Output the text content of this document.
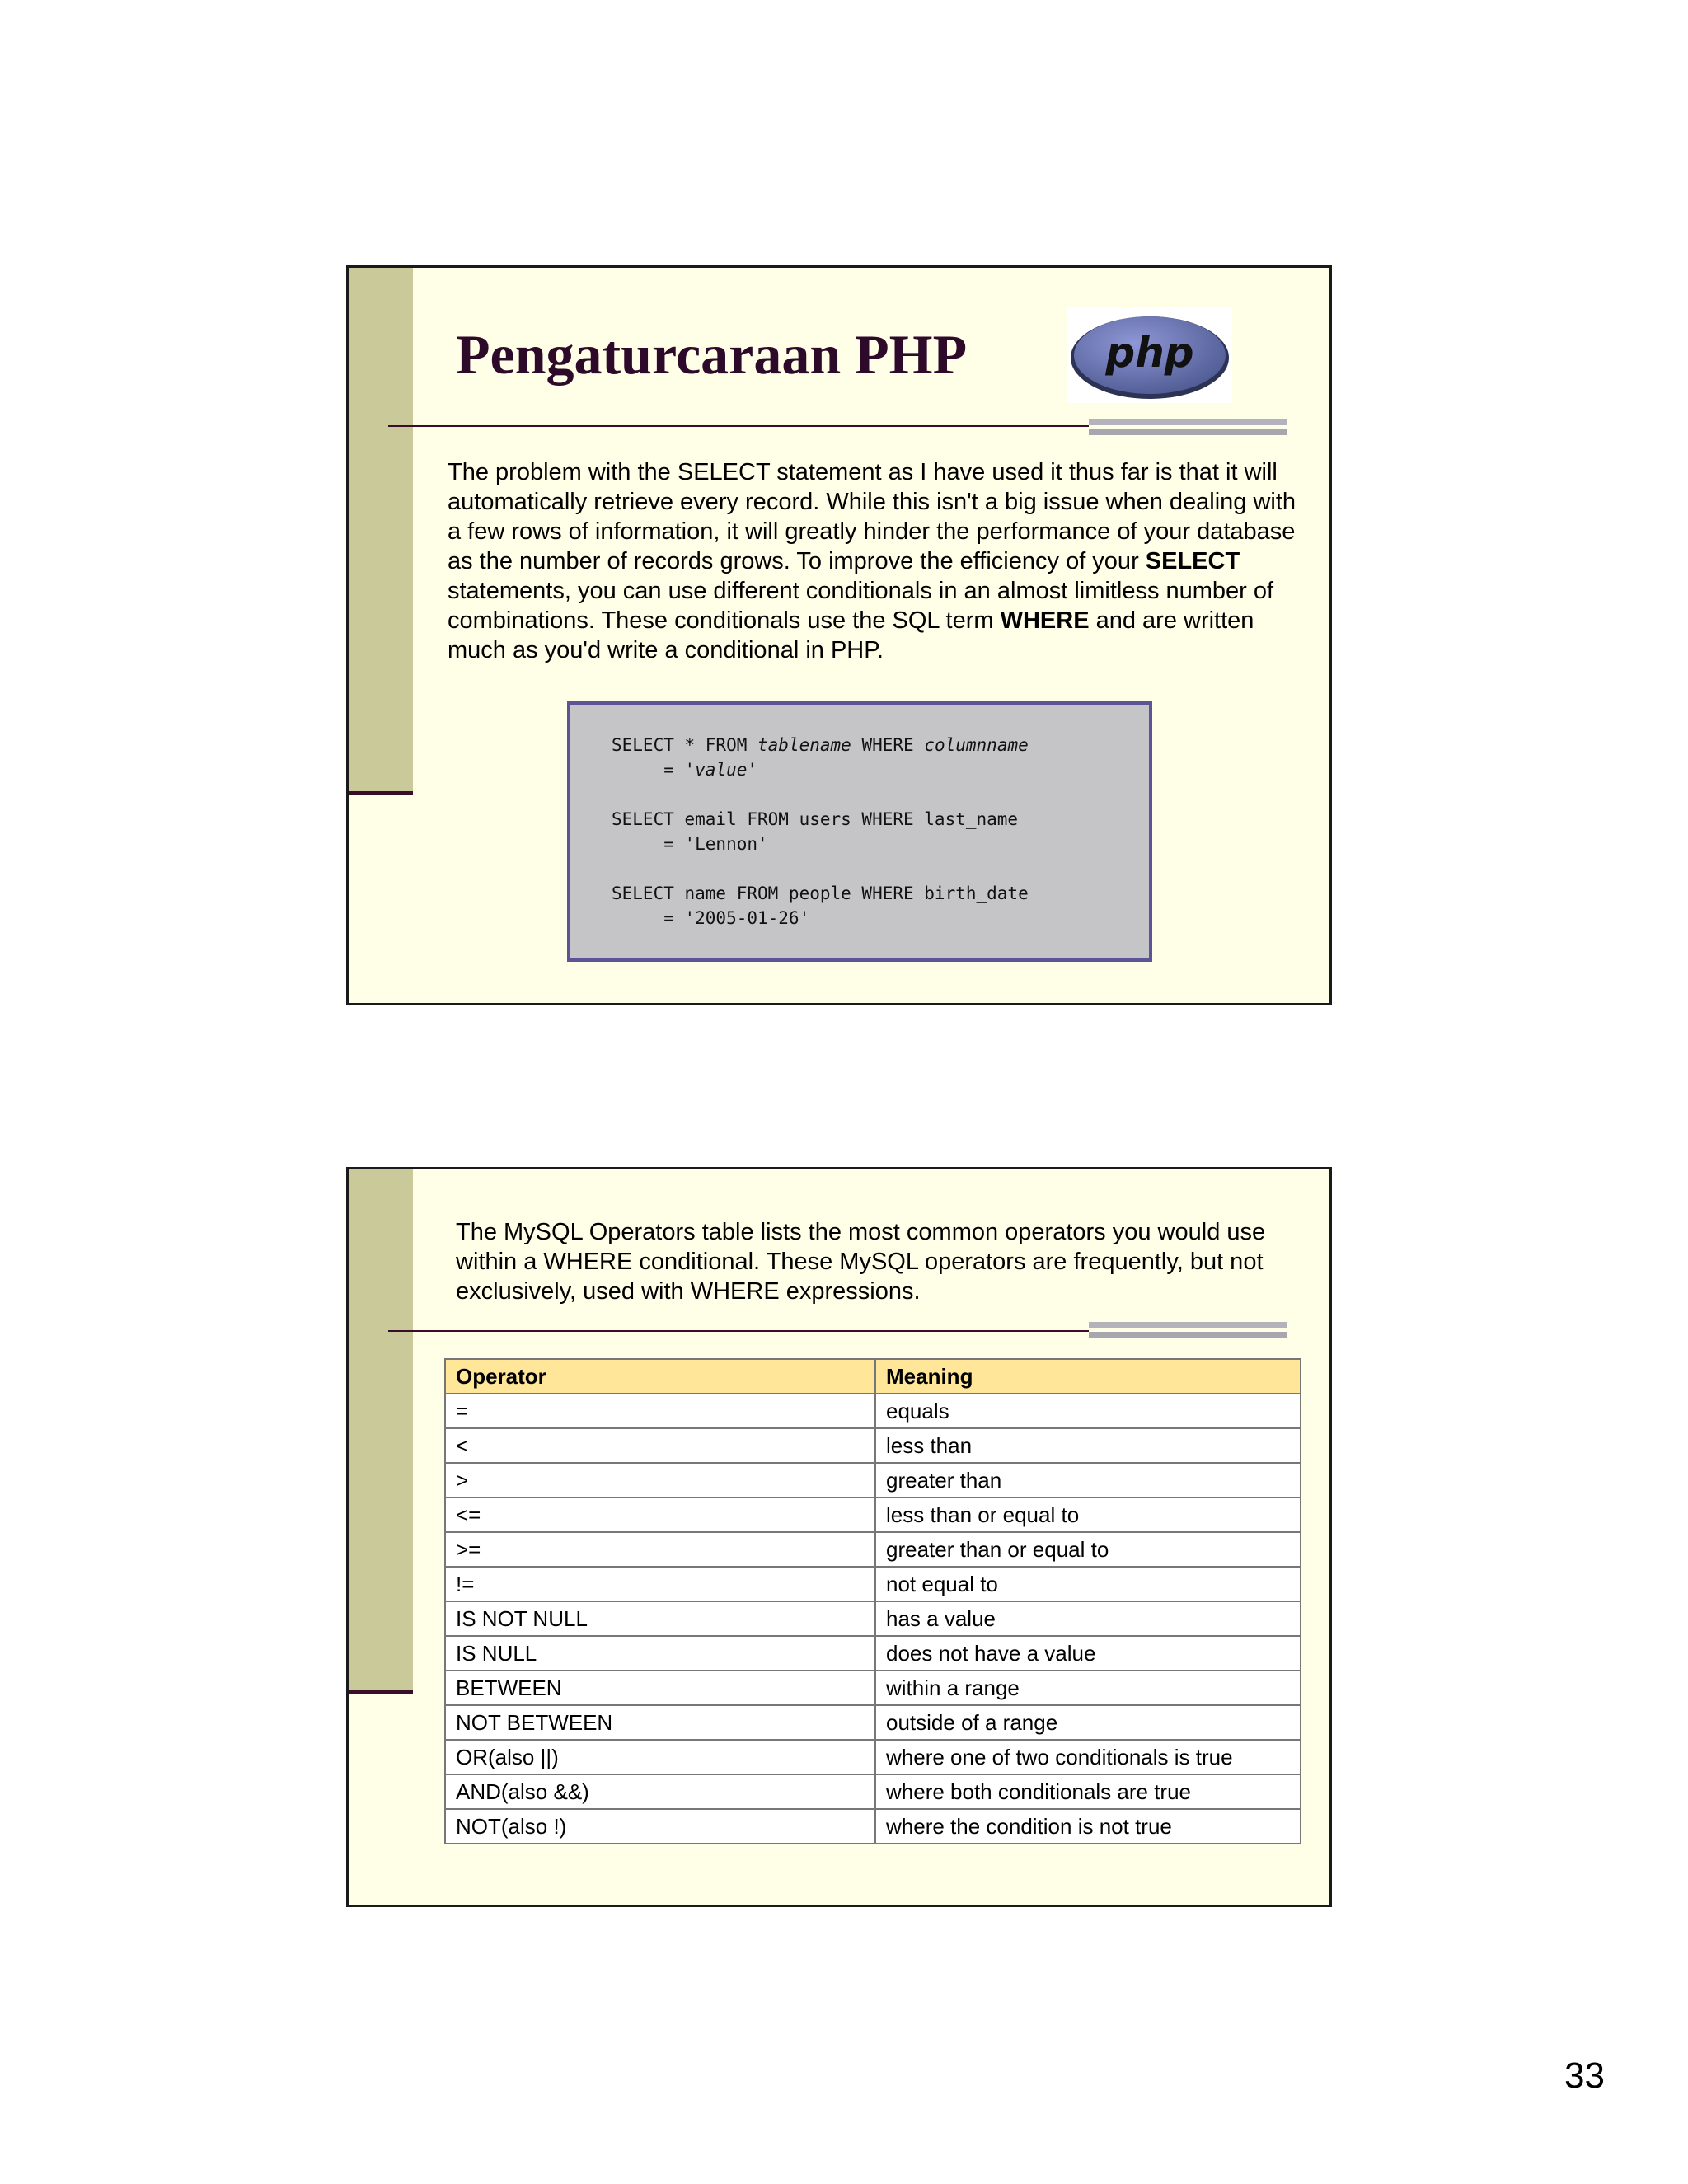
Pengaturcaraan PHP	php

The problem with the SELECT statement as I have used it thus far is that it will automatically retrieve every record. While this isn't a big issue when dealing with a few rows of information, it will greatly hinder the performance of your database as the number of records grows. To improve the efficiency of your SELECT statements, you can use different conditionals in an almost limitless number of combinations. These conditionals use the SQL term WHERE and are written much as you'd write a conditional in PHP.

SELECT * FROM tablename WHERE columnname
= 'value'
SELECT email FROM users WHERE last_name
= 'Lennon'
SELECT name FROM people WHERE birth_date
= '2005-01-26'

The MySQL Operators table lists the most common operators you would use within a WHERE conditional. These MySQL operators are frequently, but not exclusively, used with WHERE expressions.

Operator	Meaning
=	equals
<	less than
>	greater than
<=	less than or equal to
>=	greater than or equal to
!=	not equal to
IS NOT NULL	has a value
IS NULL	does not have a value
BETWEEN	within a range
NOT BETWEEN	outside of a range
OR(also ||)	where one of two conditionals is true
AND(also &&)	where both conditionals are true
NOT(also !)	where the condition is not true
33
